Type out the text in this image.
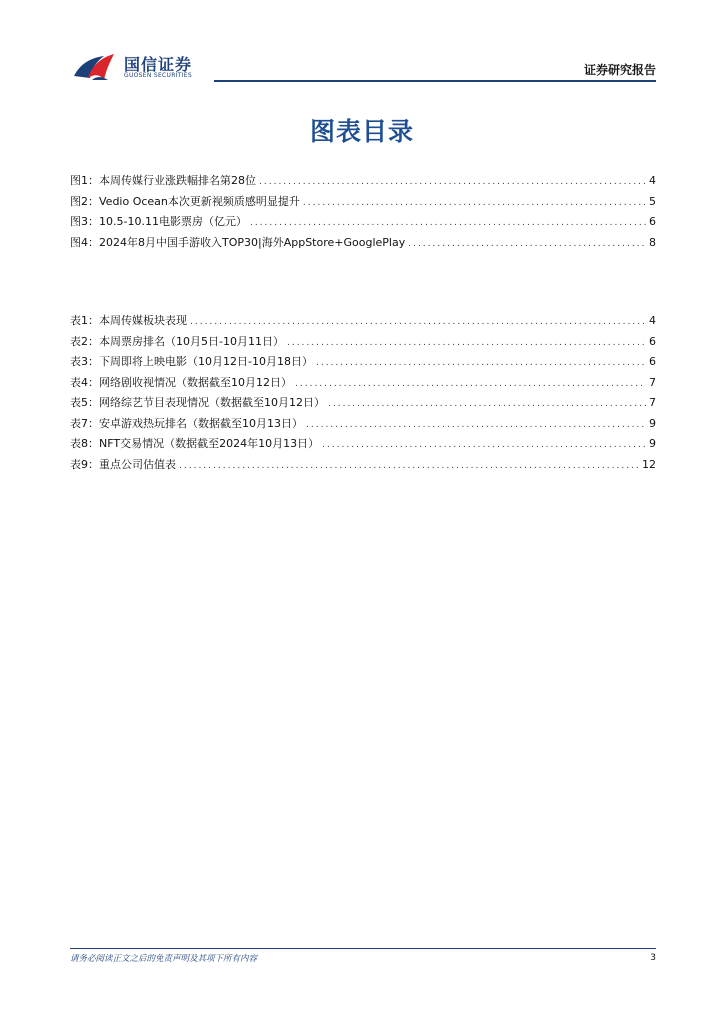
国信证券
GUOSEN SECURITIES	证券研究报告
图表目录
图1： 本周传媒行业涨跌幅排名第28位 .....	4
图2： Vedio Ocean本次更新视频质感明显提升 .....	5
图3： 10.5-10.11电影票房（亿元） .....	6
图4： 2024年8月中国手游收入TOP30|海外AppStore+GooglePlay .....	8
表1： 本周传媒板块表现 .....	4
表2： 本周票房排名（10月5日-10月11日） .....	6
表3： 下周即将上映电影（10月12日-10月18日） .....	6
表4： 网络剧收视情况（数据截至10月12日） .....	7
表5： 网络综艺节目表现情况（数据截至10月12日） .....	7
表7： 安卓游戏热玩排名（数据截至10月13日） .....	9
表8： NFT交易情况（数据截至2024年10月13日） .....	9
表9： 重点公司估值表 .....	12
请务必阅读正文之后的免责声明及其项下所有内容	3
